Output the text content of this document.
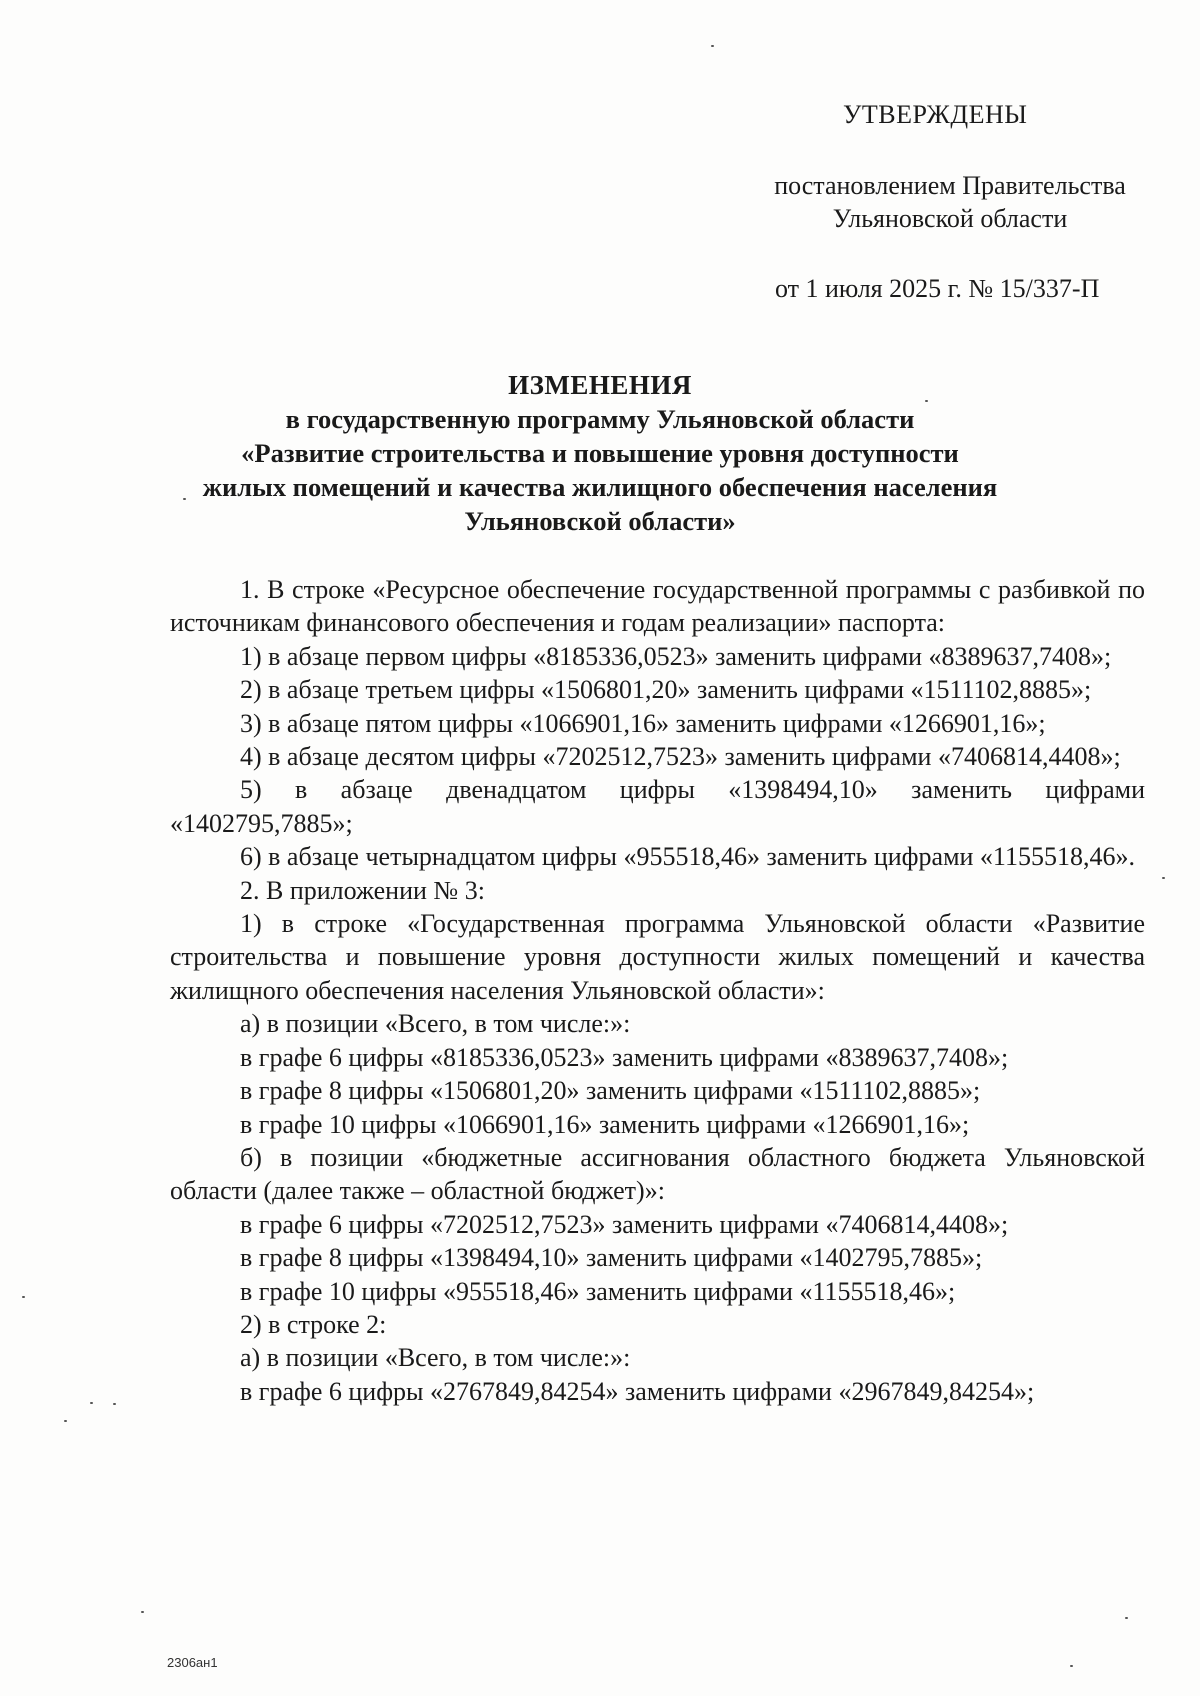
УТВЕРЖДЕНЫ
постановлением Правительства
Ульяновской области
от 1 июля 2025 г. № 15/337-П
ИЗМЕНЕНИЯ
в государственную программу Ульяновской области
«Развитие строительства и повышение уровня доступности
жилых помещений и качества жилищного обеспечения населения
Ульяновской области»

1. В строке «Ресурсное обеспечение государственной программы с разбивкой по источникам финансового обеспечения и годам реализации» паспорта:

1) в абзаце первом цифры «8185336,0523» заменить цифрами «8389637,7408»;

2) в абзаце третьем цифры «1506801,20» заменить цифрами «1511102,8885»;

3) в абзаце пятом цифры «1066901,16» заменить цифрами «1266901,16»;

4) в абзаце десятом цифры «7202512,7523» заменить цифрами «7406814,4408»;

5) в абзаце двенадцатом цифры «1398494,10» заменить цифрами «1402795,7885»;

6) в абзаце четырнадцатом цифры «955518,46» заменить цифрами «1155518,46».

2. В приложении № 3:

1) в строке «Государственная программа Ульяновской области «Развитие строительства и повышение уровня доступности жилых помещений и качества жилищного обеспечения населения Ульяновской области»:

а) в позиции «Всего, в том числе:»:

в графе 6 цифры «8185336,0523» заменить цифрами «8389637,7408»;

в графе 8 цифры «1506801,20» заменить цифрами «1511102,8885»;

в графе 10 цифры «1066901,16» заменить цифрами «1266901,16»;

б) в позиции «бюджетные ассигнования областного бюджета Ульяновской области (далее также – областной бюджет)»:

в графе 6 цифры «7202512,7523» заменить цифрами «7406814,4408»;

в графе 8 цифры «1398494,10» заменить цифрами «1402795,7885»;

в графе 10 цифры «955518,46» заменить цифрами «1155518,46»;

2) в строке 2:

а) в позиции «Всего, в том числе:»:

в графе 6 цифры «2767849,84254» заменить цифрами «2967849,84254»;

2306ан1
